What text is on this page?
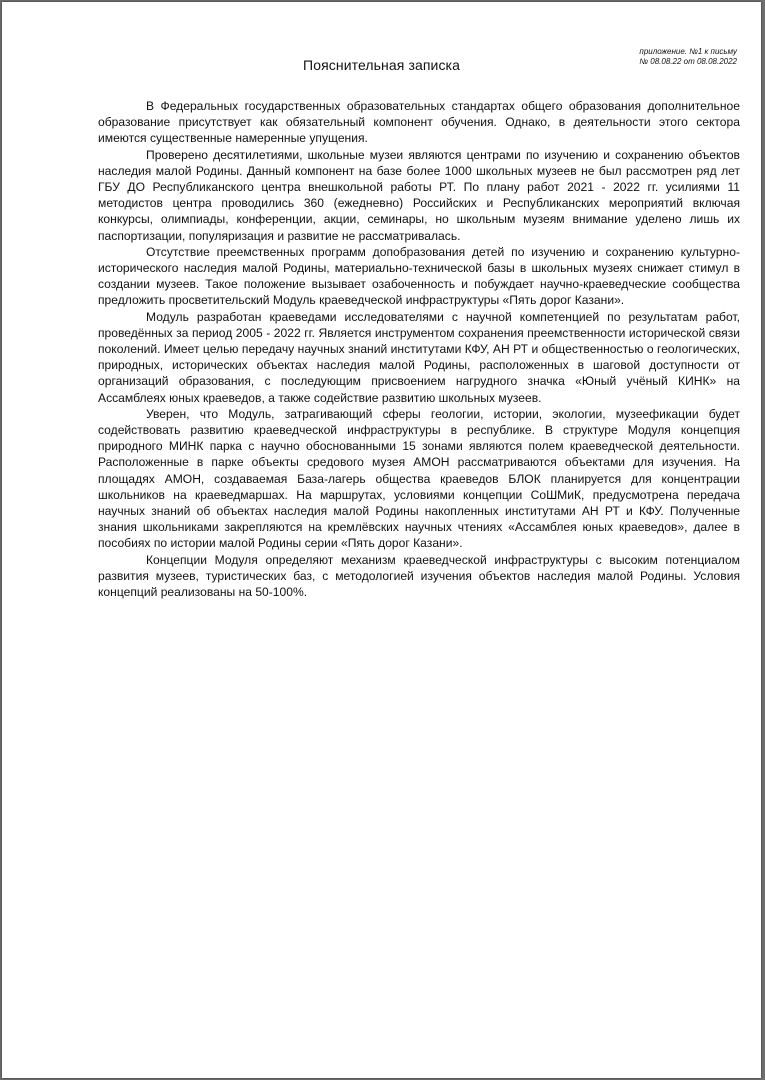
приложение. №1 к письму
№ 08.08.22 от 08.08.2022
Пояснительная записка

В Федеральных государственных образовательных стандартах общего образования дополнительное образование присутствует как обязательный компонент обучения. Однако, в деятельности этого сектора имеются существенные намеренные упущения.

Проверено десятилетиями, школьные музеи являются центрами по изучению и сохранению объектов наследия малой Родины. Данный компонент на базе более 1000 школьных музеев не был рассмотрен ряд лет ГБУ ДО Республиканского центра внешкольной работы РТ. По плану работ 2021 - 2022 гг. усилиями 11 методистов центра проводились 360 (ежедневно) Российских и Республиканских мероприятий включая конкурсы, олимпиады, конференции, акции, семинары, но школьным музеям внимание уделено лишь их паспортизации, популяризация и развитие не рассматривалась.

Отсутствие преемственных программ допобразования детей по изучению и сохранению культурно-исторического наследия малой Родины, материально-технической базы в школьных музеях снижает стимул в создании музеев. Такое положение вызывает озабоченность и побуждает научно-краеведческие сообщества предложить просветительский Модуль краеведческой инфраструктуры «Пять дорог Казани».

Модуль разработан краеведами исследователями с научной компетенцией по результатам работ, проведённых за период 2005 - 2022 гг. Является инструментом сохранения преемственности исторической связи поколений. Имеет целью передачу научных знаний институтами КФУ, АН РТ и общественностью о геологических, природных, исторических объектах наследия малой Родины, расположенных в шаговой доступности от организаций образования, с последующим присвоением нагрудного значка «Юный учёный КИНК» на Ассамблеях юных краеведов, а также содействие развитию школьных музеев.

Уверен, что Модуль, затрагивающий сферы геологии, истории, экологии, музеефикации будет содействовать развитию краеведческой инфраструктуры в республике. В структуре Модуля концепция природного МИНК парка с научно обоснованными 15 зонами являются полем краеведческой деятельности. Расположенные в парке объекты средового музея АМОН рассматриваются объектами для изучения. На площадях АМОН, создаваемая База-лагерь общества краеведов БЛОК планируется для концентрации школьников на краеведмаршах. На маршрутах, условиями концепции СоШМиК, предусмотрена передача научных знаний об объектах наследия малой Родины накопленных институтами АН РТ и КФУ. Полученные знания школьниками закрепляются на кремлёвских научных чтениях «Ассамблея юных краеведов», далее в пособиях по истории малой Родины серии «Пять дорог Казани».

Концепции Модуля определяют механизм краеведческой инфраструктуры с высоким потенциалом развития музеев, туристических баз, с методологией изучения объектов наследия малой Родины. Условия концепций реализованы на 50-100%.
